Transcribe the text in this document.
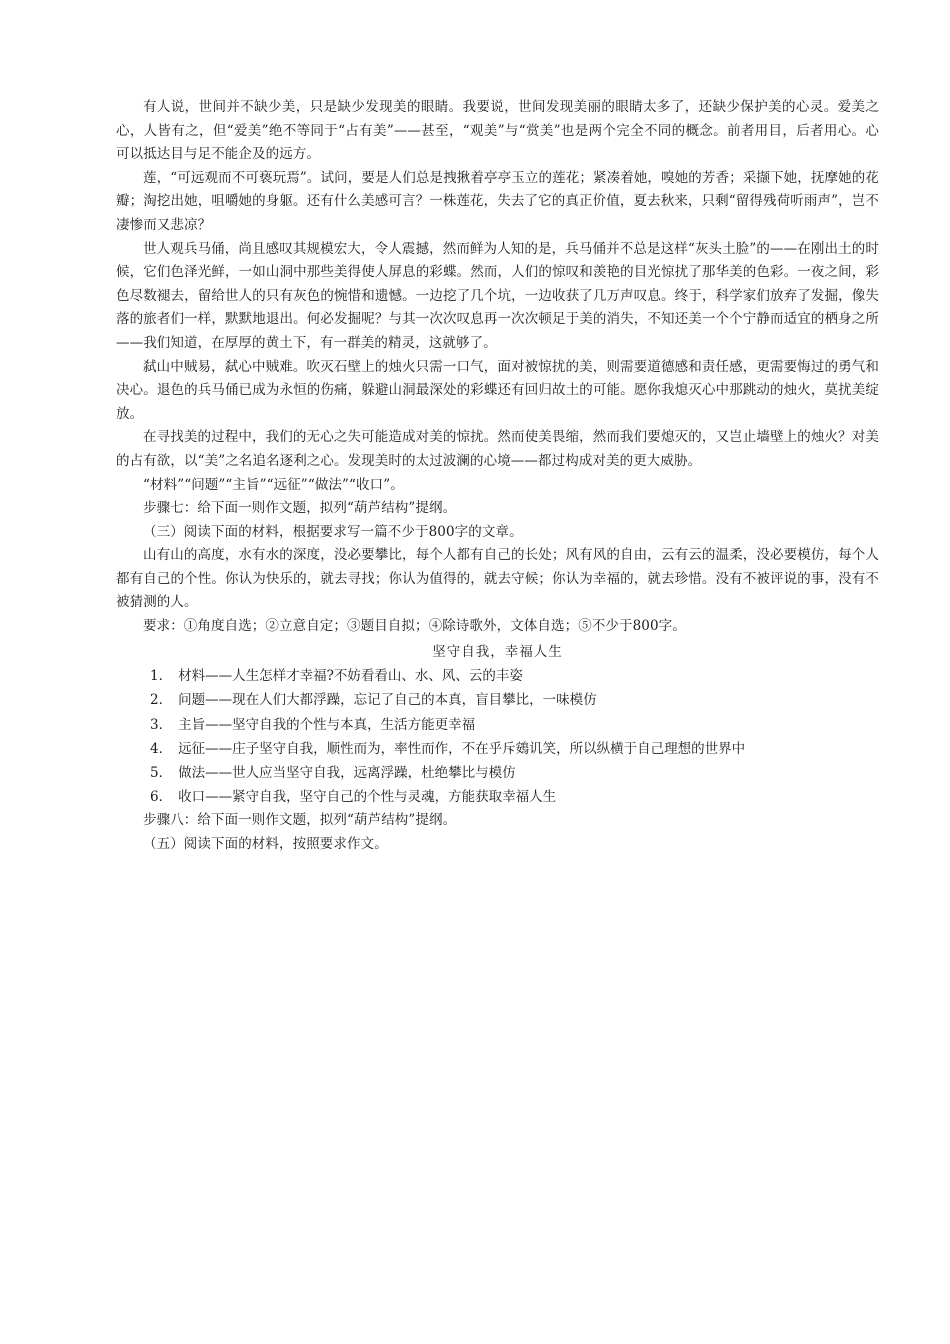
有人说，世间并不缺少美，只是缺少发现美的眼睛。我要说，世间发现美丽的眼睛太多了，还缺少保护美的心灵。爱美之心，人皆有之，但“爱美”绝不等同于“占有美”——甚至，“观美”与“赏美”也是两个完全不同的概念。前者用目，后者用心。心可以抵达目与足不能企及的远方。

莲，“可远观而不可亵玩焉”。试问，要是人们总是拽揪着亭亭玉立的莲花；紧凑着她，嗅她的芳香；采撷下她，抚摩她的花瓣；淘挖出她，咀嚼她的身躯。还有什么美感可言？一株莲花，失去了它的真正价值，夏去秋来，只剩“留得残荷听雨声”，岂不凄惨而又悲凉？

世人观兵马俑，尚且感叹其规模宏大，令人震撼，然而鲜为人知的是，兵马俑并不总是这样“灰头土脸”的——在刚出土的时候，它们色泽光鲜，一如山洞中那些美得使人屏息的彩蝶。然而，人们的惊叹和羡艳的目光惊扰了那华美的色彩。一夜之间，彩色尽数褪去，留给世人的只有灰色的惋惜和遗憾。一边挖了几个坑，一边收获了几万声叹息。终于，科学家们放弃了发掘，像失落的旅者们一样，默默地退出。何必发掘呢？与其一次次叹息再一次次顿足于美的消失，不知还美一个个宁静而适宜的栖身之所——我们知道，在厚厚的黄土下，有一群美的精灵，这就够了。

弑山中贼易，弑心中贼难。吹灭石壁上的烛火只需一口气，面对被惊扰的美，则需要道德感和责任感，更需要悔过的勇气和决心。退色的兵马俑已成为永恒的伤痛，躲避山洞最深处的彩蝶还有回归故土的可能。愿你我熄灭心中那跳动的烛火，莫扰美绽放。

在寻找美的过程中，我们的无心之失可能造成对美的惊扰。然而使美畏缩，然而我们要熄灭的，又岂止墙壁上的烛火？对美的占有欲，以“美”之名追名逐利之心。发现美时的太过波澜的心境——都过构成对美的更大威胁。

“材料”“问题”“主旨”“远征”“做法”“收口”。

步骤七：给下面一则作文题，拟列“葫芦结构”提纲。

（三）阅读下面的材料，根据要求写一篇不少于800字的文章。

山有山的高度，水有水的深度，没必要攀比，每个人都有自己的长处；风有风的自由，云有云的温柔，没必要模仿，每个人都有自己的个性。你认为快乐的，就去寻找；你认为值得的，就去守候；你认为幸福的，就去珍惜。没有不被评说的事，没有不被猜测的人。

要求：①角度自选；②立意自定；③题目自拟；④除诗歌外，文体自选；⑤不少于800字。

坚守自我，幸福人生

1． 材料——人生怎样才幸福?不妨看看山、水、风、云的丰姿
2． 问题——现在人们大都浮躁，忘记了自己的本真，盲目攀比，一味模仿
3． 主旨——坚守自我的个性与本真，生活方能更幸福
4． 远征——庄子坚守自我，顺性而为，率性而作，不在乎斥鴳讥笑，所以纵横于自己理想的世界中
5． 做法——世人应当坚守自我，远离浮躁，杜绝攀比与模仿
6． 收口——紧守自我，坚守自己的个性与灵魂，方能获取幸福人生

步骤八：给下面一则作文题，拟列“葫芦结构”提纲。

（五）阅读下面的材料，按照要求作文。
